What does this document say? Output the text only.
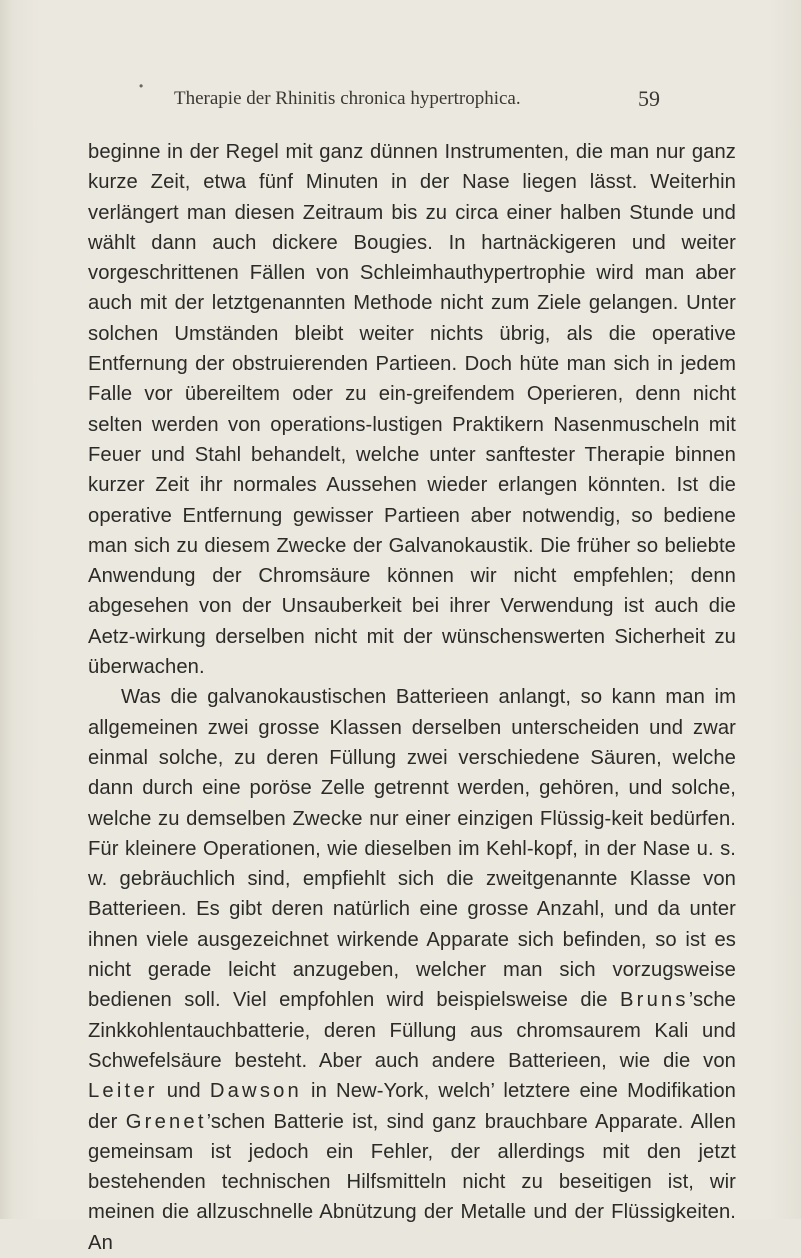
•
Therapie der Rhinitis chronica hypertrophica.	59

beginne in der Regel mit ganz dünnen Instrumenten, die man nur ganz kurze Zeit, etwa fünf Minuten in der Nase liegen lässt. Weiterhin verlängert man diesen Zeitraum bis zu circa einer halben Stunde und wählt dann auch dickere Bougies. In hartnäckigeren und weiter vorgeschrittenen Fällen von Schleimhauthypertrophie wird man aber auch mit der letztgenannten Methode nicht zum Ziele gelangen. Unter solchen Umständen bleibt weiter nichts übrig, als die operative Entfernung der obstruierenden Partieen. Doch hüte man sich in jedem Falle vor übereiltem oder zu ein-greifendem Operieren, denn nicht selten werden von operations-lustigen Praktikern Nasenmuscheln mit Feuer und Stahl behandelt, welche unter sanftester Therapie binnen kurzer Zeit ihr normales Aussehen wieder erlangen könnten. Ist die operative Entfernung gewisser Partieen aber notwendig, so bediene man sich zu diesem Zwecke der Galvanokaustik. Die früher so beliebte Anwendung der Chromsäure können wir nicht empfehlen; denn abgesehen von der Unsauberkeit bei ihrer Verwendung ist auch die Aetz-wirkung derselben nicht mit der wünschenswerten Sicherheit zu überwachen.

Was die galvanokaustischen Batterieen anlangt, so kann man im allgemeinen zwei grosse Klassen derselben unterscheiden und zwar einmal solche, zu deren Füllung zwei verschiedene Säuren, welche dann durch eine poröse Zelle getrennt werden, gehören, und solche, welche zu demselben Zwecke nur einer einzigen Flüssig-keit bedürfen. Für kleinere Operationen, wie dieselben im Kehl-kopf, in der Nase u. s. w. gebräuchlich sind, empfiehlt sich die zweitgenannte Klasse von Batterieen. Es gibt deren natürlich eine grosse Anzahl, und da unter ihnen viele ausgezeichnet wirkende Apparate sich befinden, so ist es nicht gerade leicht anzugeben, welcher man sich vorzugsweise bedienen soll. Viel empfohlen wird beispielsweise die Bruns’sche Zinkkohlentauchbatterie, deren Füllung aus chromsaurem Kali und Schwefelsäure besteht. Aber auch andere Batterieen, wie die von Leiter und Dawson in New-York, welch’ letztere eine Modifikation der Grenet’schen Batterie ist, sind ganz brauchbare Apparate. Allen gemeinsam ist jedoch ein Fehler, der allerdings mit den jetzt bestehenden technischen Hilfsmitteln nicht zu beseitigen ist, wir meinen die allzuschnelle Abnützung der Metalle und der Flüssigkeiten. An
